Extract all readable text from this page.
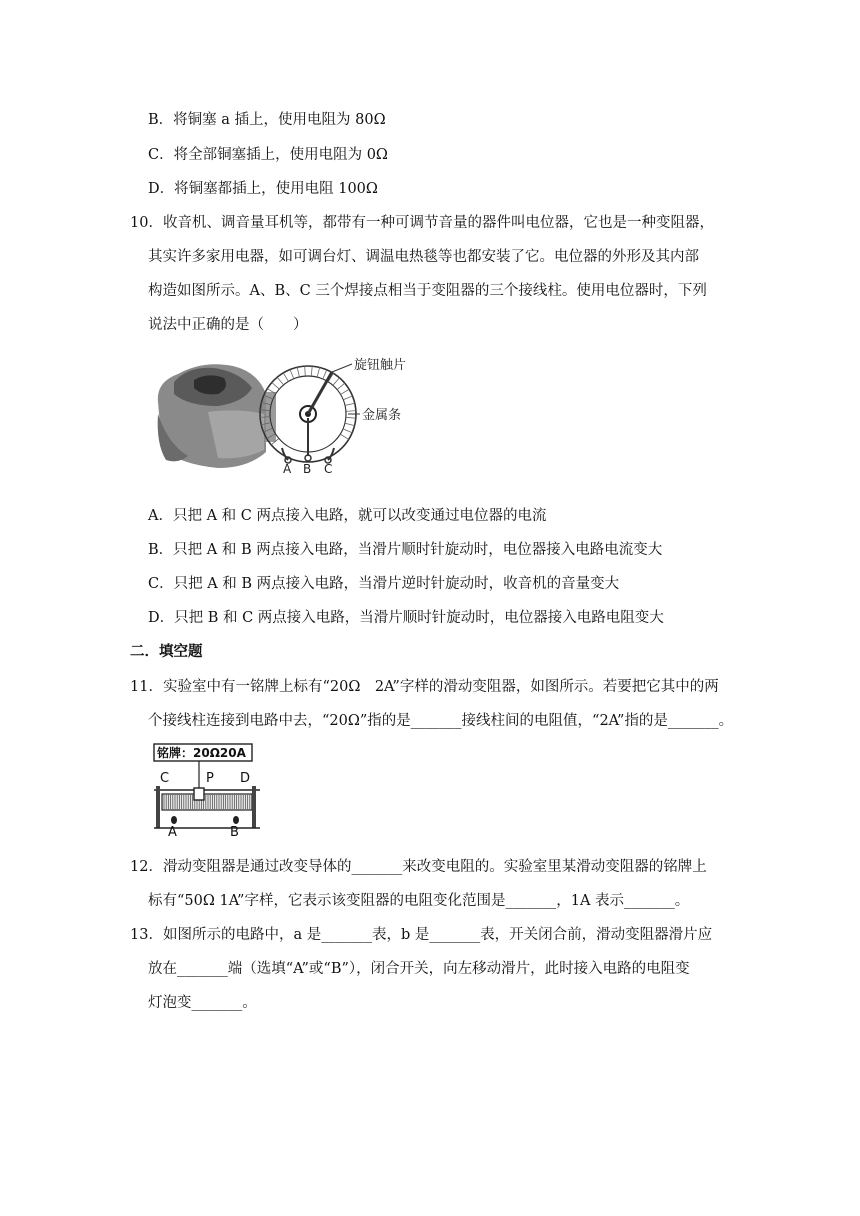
B．将铜塞 a 插上，使用电阻为 80Ω
C．将全部铜塞插上，使用电阻为 0Ω
D．将铜塞都插上，使用电阻 100Ω
10．收音机、调音量耳机等，都带有一种可调节音量的器件叫电位器，它也是一种变阻器，
其实许多家用电器，如可调台灯、调温电热毯等也都安装了它。电位器的外形及其内部
构造如图所示。A、B、C 三个焊接点相当于变阻器的三个接线柱。使用电位器时，下列
说法中正确的是（　　）
旋钮触片
金属条
A B C
A．只把 A 和 C 两点接入电路，就可以改变通过电位器的电流
B．只把 A 和 B 两点接入电路，当滑片顺时针旋动时，电位器接入电路电流变大
C．只把 A 和 B 两点接入电路，当滑片逆时针旋动时，收音机的音量变大
D．只把 B 和 C 两点接入电路，当滑片顺时针旋动时，电位器接入电路电阻变大
二．填空题
11．实验室中有一铭牌上标有“20Ω　2A”字样的滑动变阻器，如图所示。若要把它其中的两
个接线柱连接到电路中去，“20Ω”指的是_______接线柱间的电阻值，“2A”指的是_______。
铭牌：20Ω20A
C	P D
A	B
12．滑动变阻器是通过改变导体的_______来改变电阻的。实验室里某滑动变阻器的铭牌上
标有“50Ω 1A”字样，它表示该变阻器的电阻变化范围是_______，1A 表示_______。
13．如图所示的电路中，a 是_______表，b 是_______表，开关闭合前，滑动变阻器滑片应
放在_______端（选填“A”或“B”），闭合开关，向左移动滑片，此时接入电路的电阻变
灯泡变_______。
